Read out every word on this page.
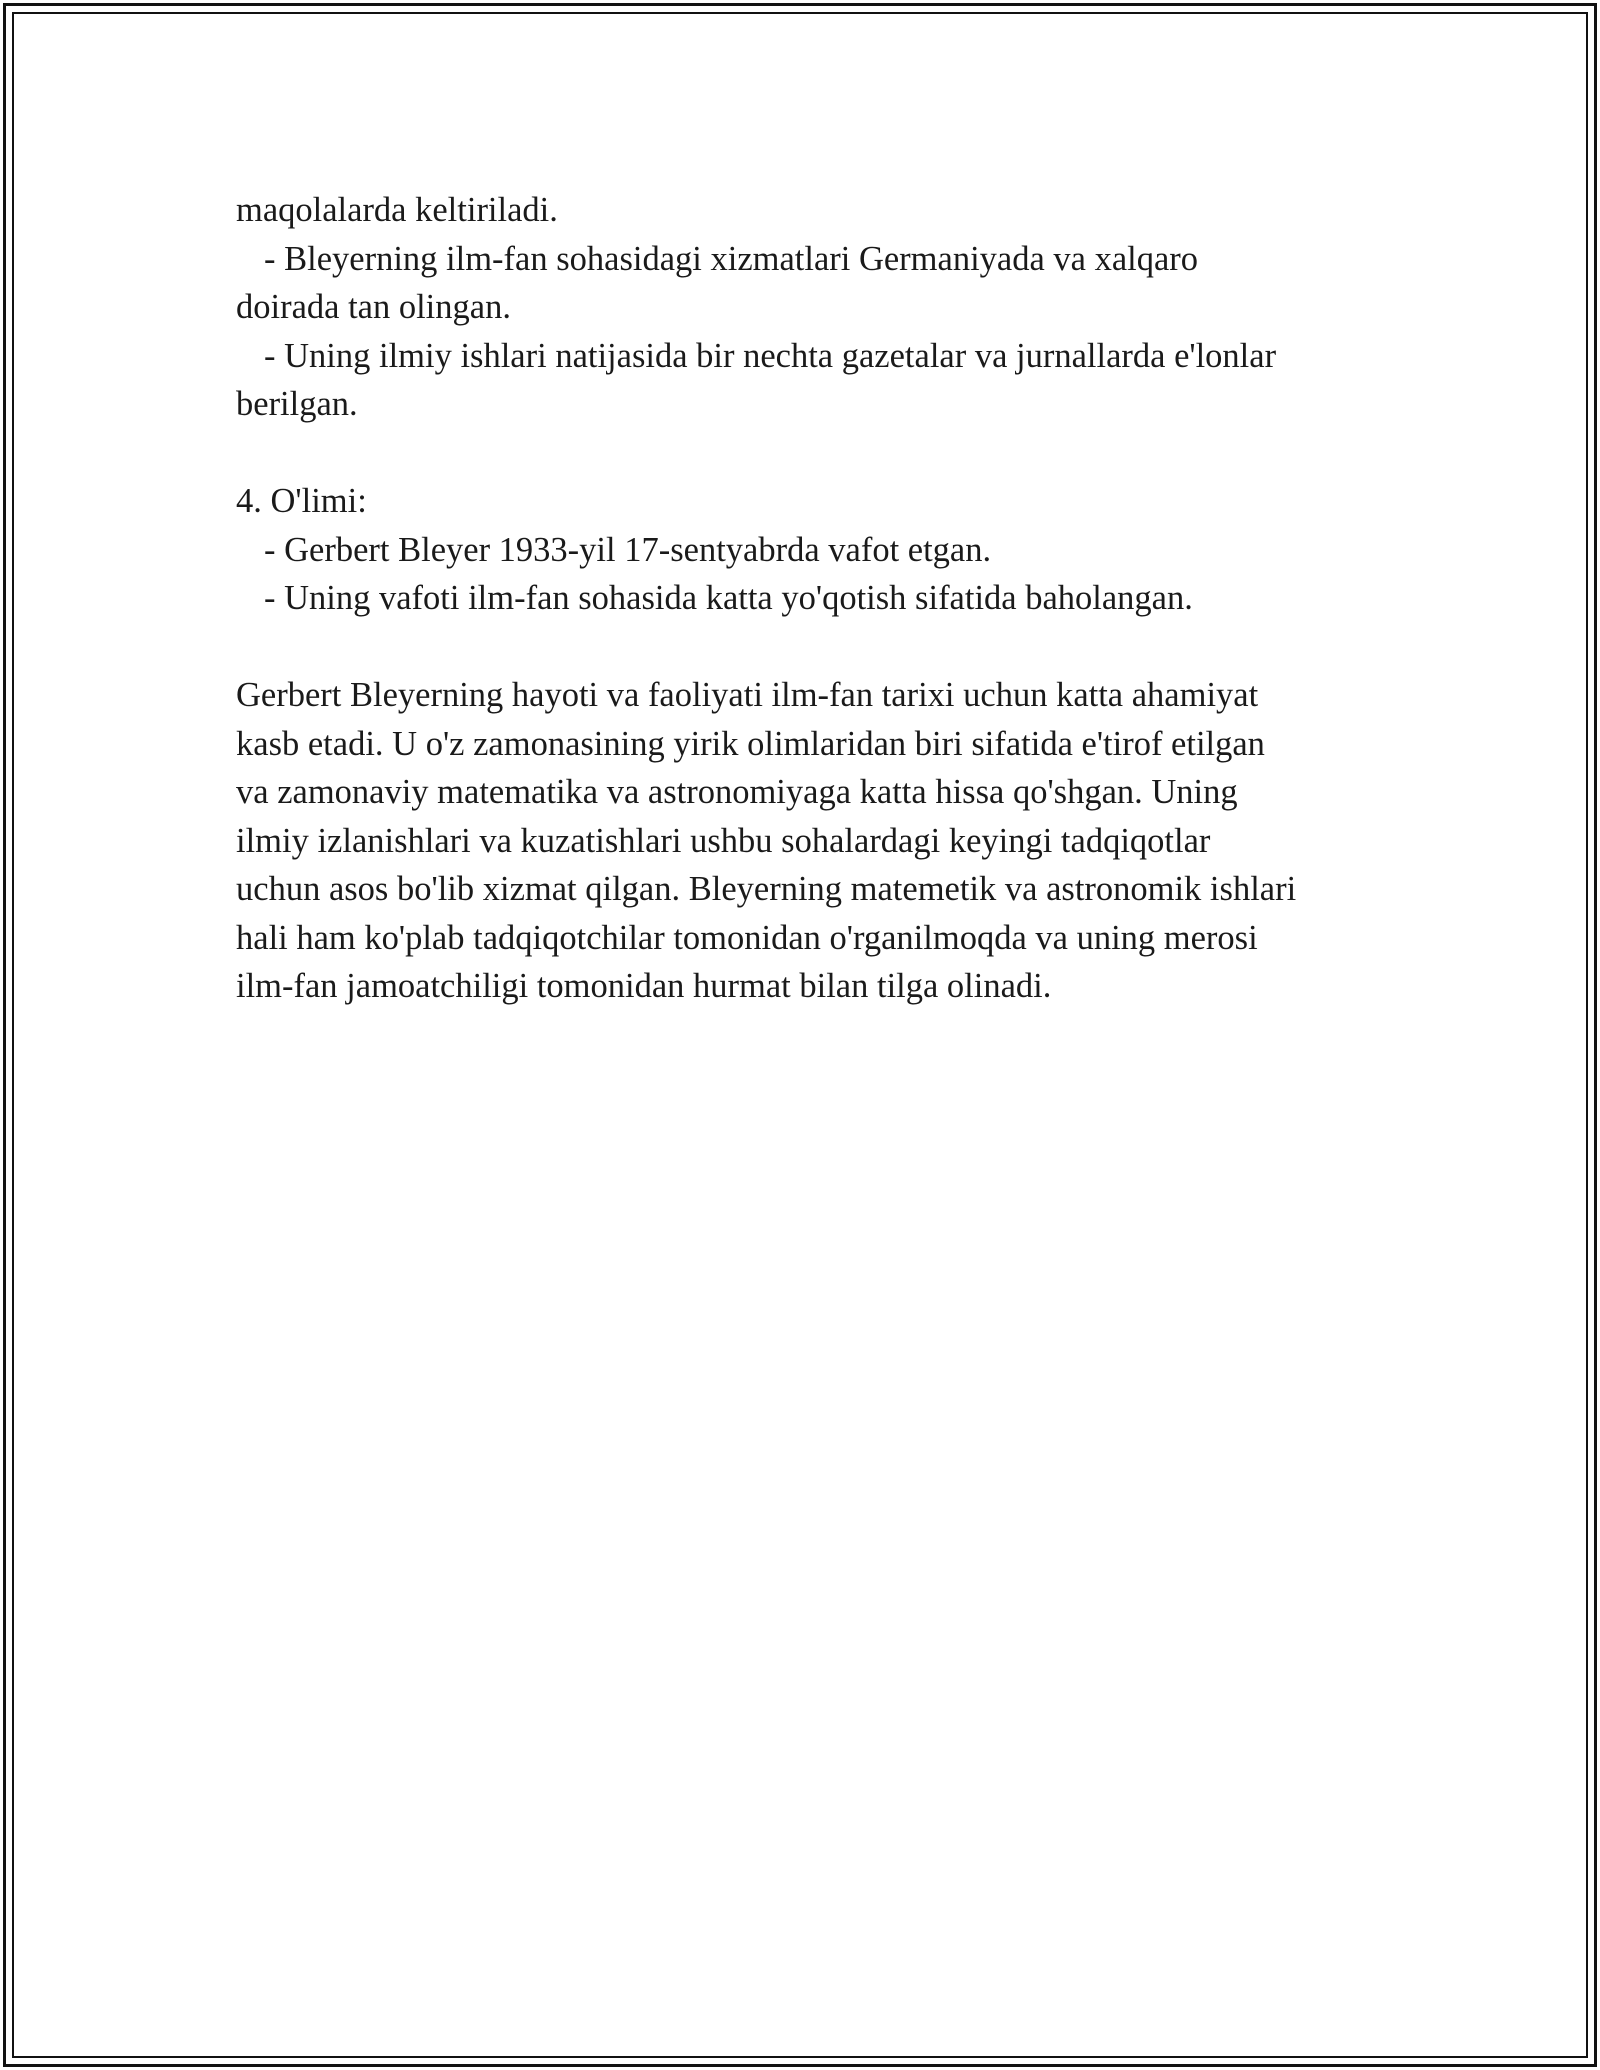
maqolalarda keltiriladi.
- Bleyerning ilm-fan sohasidagi xizmatlari Germaniyada va xalqaro
doirada tan olingan.
- Uning ilmiy ishlari natijasida bir nechta gazetalar va jurnallarda e'lonlar
berilgan.
4. O'limi:
- Gerbert Bleyer 1933-yil 17-sentyabrda vafot etgan.
- Uning vafoti ilm-fan sohasida katta yo'qotish sifatida baholangan.
Gerbert Bleyerning hayoti va faoliyati ilm-fan tarixi uchun katta ahamiyat
kasb etadi. U o'z zamonasining yirik olimlaridan biri sifatida e'tirof etilgan
va zamonaviy matematika va astronomiyaga katta hissa qo'shgan. Uning
ilmiy izlanishlari va kuzatishlari ushbu sohalardagi keyingi tadqiqotlar
uchun asos bo'lib xizmat qilgan. Bleyerning matemetik va astronomik ishlari
hali ham ko'plab tadqiqotchilar tomonidan o'rganilmoqda va uning merosi
ilm-fan jamoatchiligi tomonidan hurmat bilan tilga olinadi.
